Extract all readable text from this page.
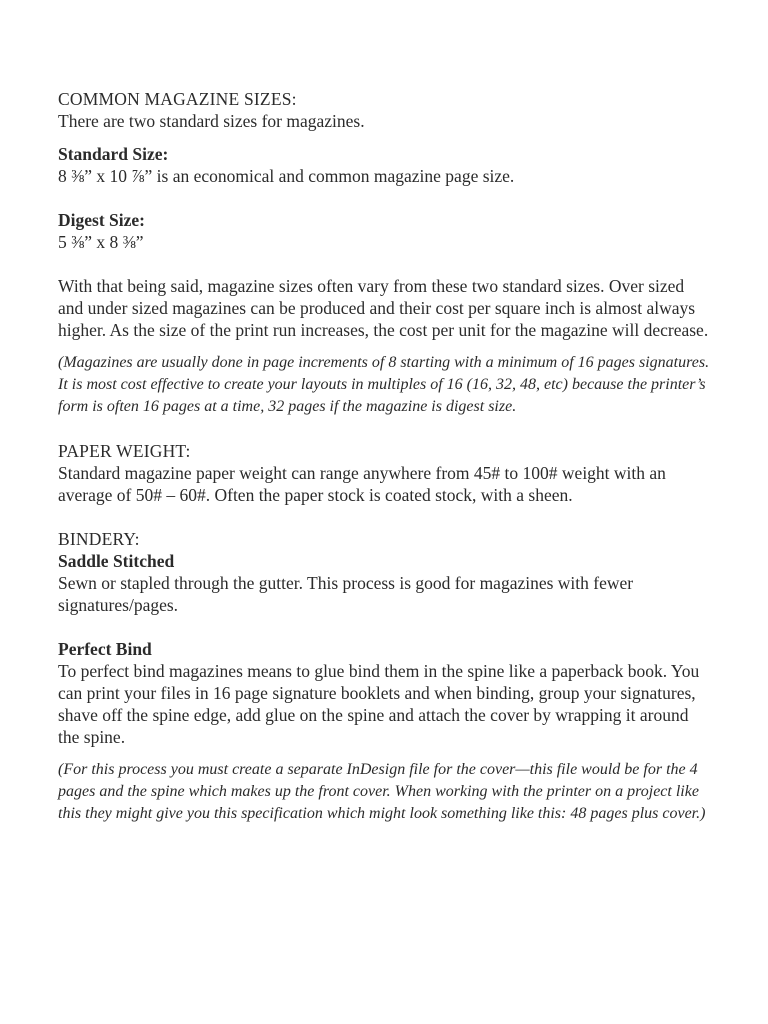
COMMON MAGAZINE SIZES:

There are two standard sizes for magazines.

Standard Size:

8 ⅜” x 10 ⅞” is an economical and common magazine page size.

Digest Size:

5 ⅜” x 8 ⅜”

With that being said, magazine sizes often vary from these two standard sizes. Over sized and under sized magazines can be produced and their cost per square inch is almost always higher. As the size of the print run increases, the cost per unit for the magazine will decrease.

(Magazines are usually done in page increments of 8 starting with a minimum of 16 pages signatures. It is most cost effective to create your layouts in multiples of 16 (16, 32, 48, etc) because the printer’s form is often 16 pages at a time, 32 pages if the magazine is digest size.

PAPER WEIGHT:

Standard magazine paper weight can range anywhere from 45# to 100# weight with an average of 50# – 60#. Often the paper stock is coated stock, with a sheen.

BINDERY:

Saddle Stitched

Sewn or stapled through the gutter. This process is good for magazines with fewer signatures/pages.

Perfect Bind

To perfect bind magazines means to glue bind them in the spine like a paperback book. You can print your files in 16 page signature booklets and when binding, group your signatures, shave off the spine edge, add glue on the spine and attach the cover by wrapping it around the spine.

(For this process you must create a separate InDesign file for the cover—this file would be for the 4 pages and the spine which makes up the front cover. When working with the printer on a project like this they might give you this specification which might look something like this: 48 pages plus cover.)
